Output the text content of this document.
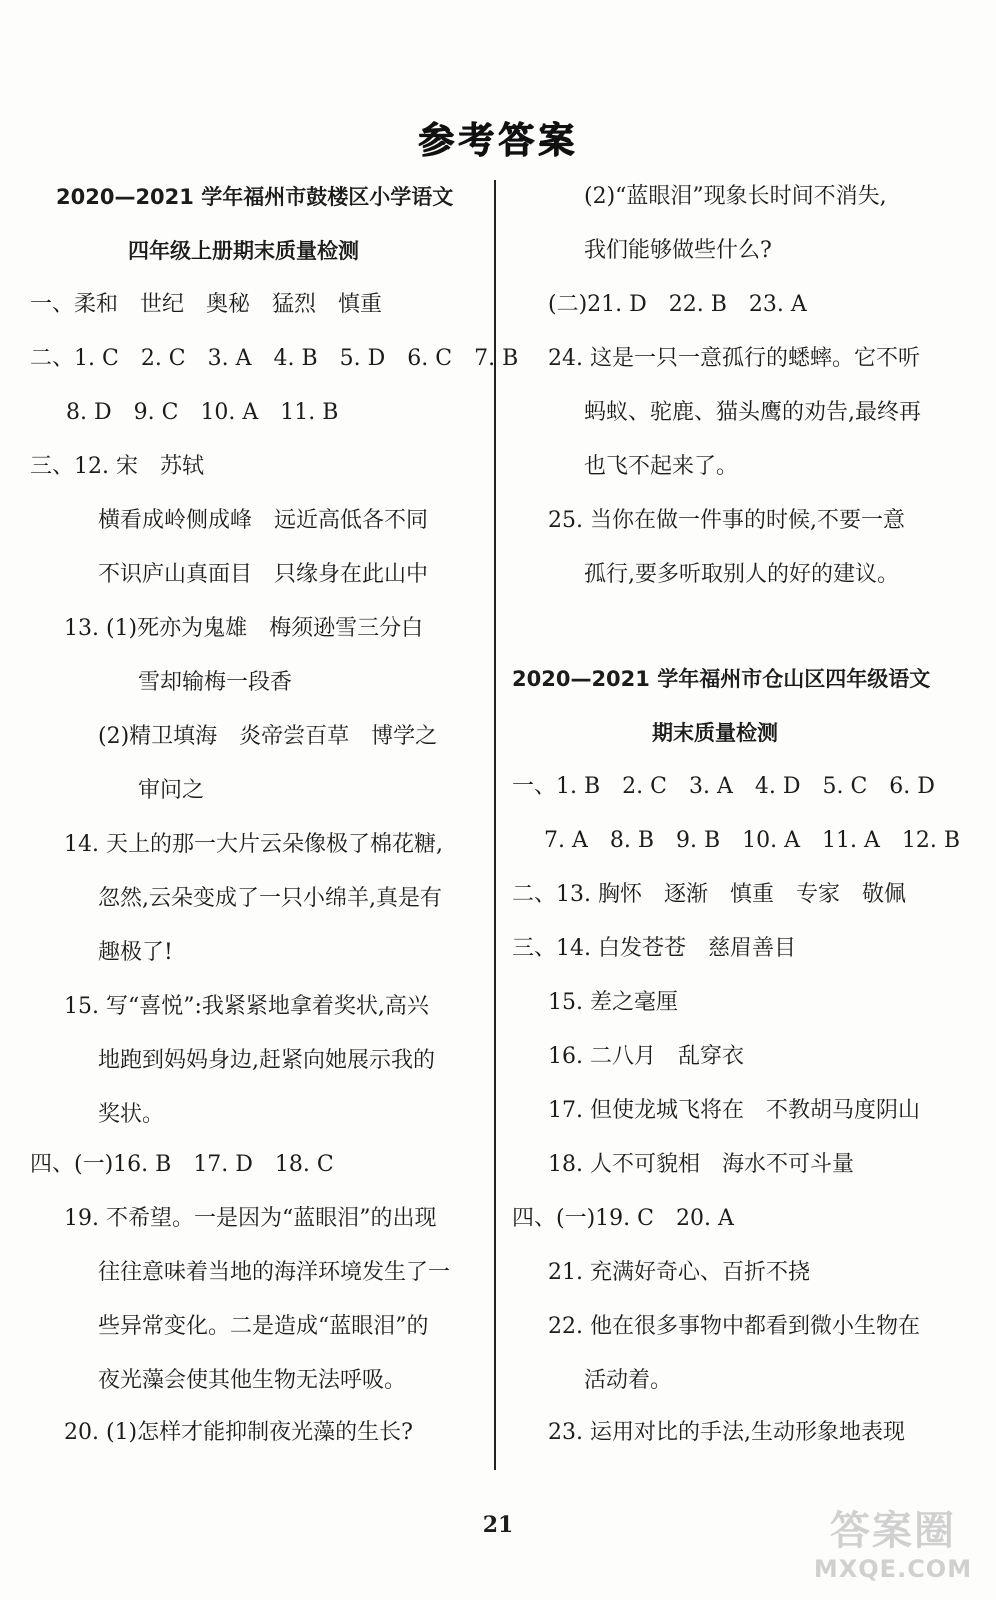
参考答案
2020—2021 学年福州市鼓楼区小学语文
四年级上册期末质量检测
一、柔和　世纪　奥秘　猛烈　慎重
二、1. C　2. C　3. A　4. B　5. D　6. C　7. B
8. D　9. C　10. A　11. B
三、12. 宋　苏轼
横看成岭侧成峰　远近高低各不同
不识庐山真面目　只缘身在此山中
13. (1)死亦为鬼雄　梅须逊雪三分白
雪却输梅一段香
(2)精卫填海　炎帝尝百草　博学之
审问之
14. 天上的那一大片云朵像极了棉花糖,
忽然,云朵变成了一只小绵羊,真是有
趣极了!
15. 写“喜悦”:我紧紧地拿着奖状,高兴
地跑到妈妈身边,赶紧向她展示我的
奖状。
四、(一)16. B　17. D　18. C
19. 不希望。一是因为“蓝眼泪”的出现
往往意味着当地的海洋环境发生了一
些异常变化。二是造成“蓝眼泪”的
夜光藻会使其他生物无法呼吸。
20. (1)怎样才能抑制夜光藻的生长?
(2)“蓝眼泪”现象长时间不消失,
我们能够做些什么?
(二)21. D　22. B　23. A
24. 这是一只一意孤行的蟋蟀。它不听
蚂蚁、驼鹿、猫头鹰的劝告,最终再
也飞不起来了。
25. 当你在做一件事的时候,不要一意
孤行,要多听取别人的好的建议。
2020—2021 学年福州市仓山区四年级语文
期末质量检测
一、1. B　2. C　3. A　4. D　5. C　6. D
7. A　8. B　9. B　10. A　11. A　12. B
二、13. 胸怀　逐渐　慎重　专家　敬佩
三、14. 白发苍苍　慈眉善目
15. 差之毫厘
16. 二八月　乱穿衣
17. 但使龙城飞将在　不教胡马度阴山
18. 人不可貌相　海水不可斗量
四、(一)19. C　20. A
21. 充满好奇心、百折不挠
22. 他在很多事物中都看到微小生物在
活动着。
23. 运用对比的手法,生动形象地表现
21	答案圈
MXQE.COM
